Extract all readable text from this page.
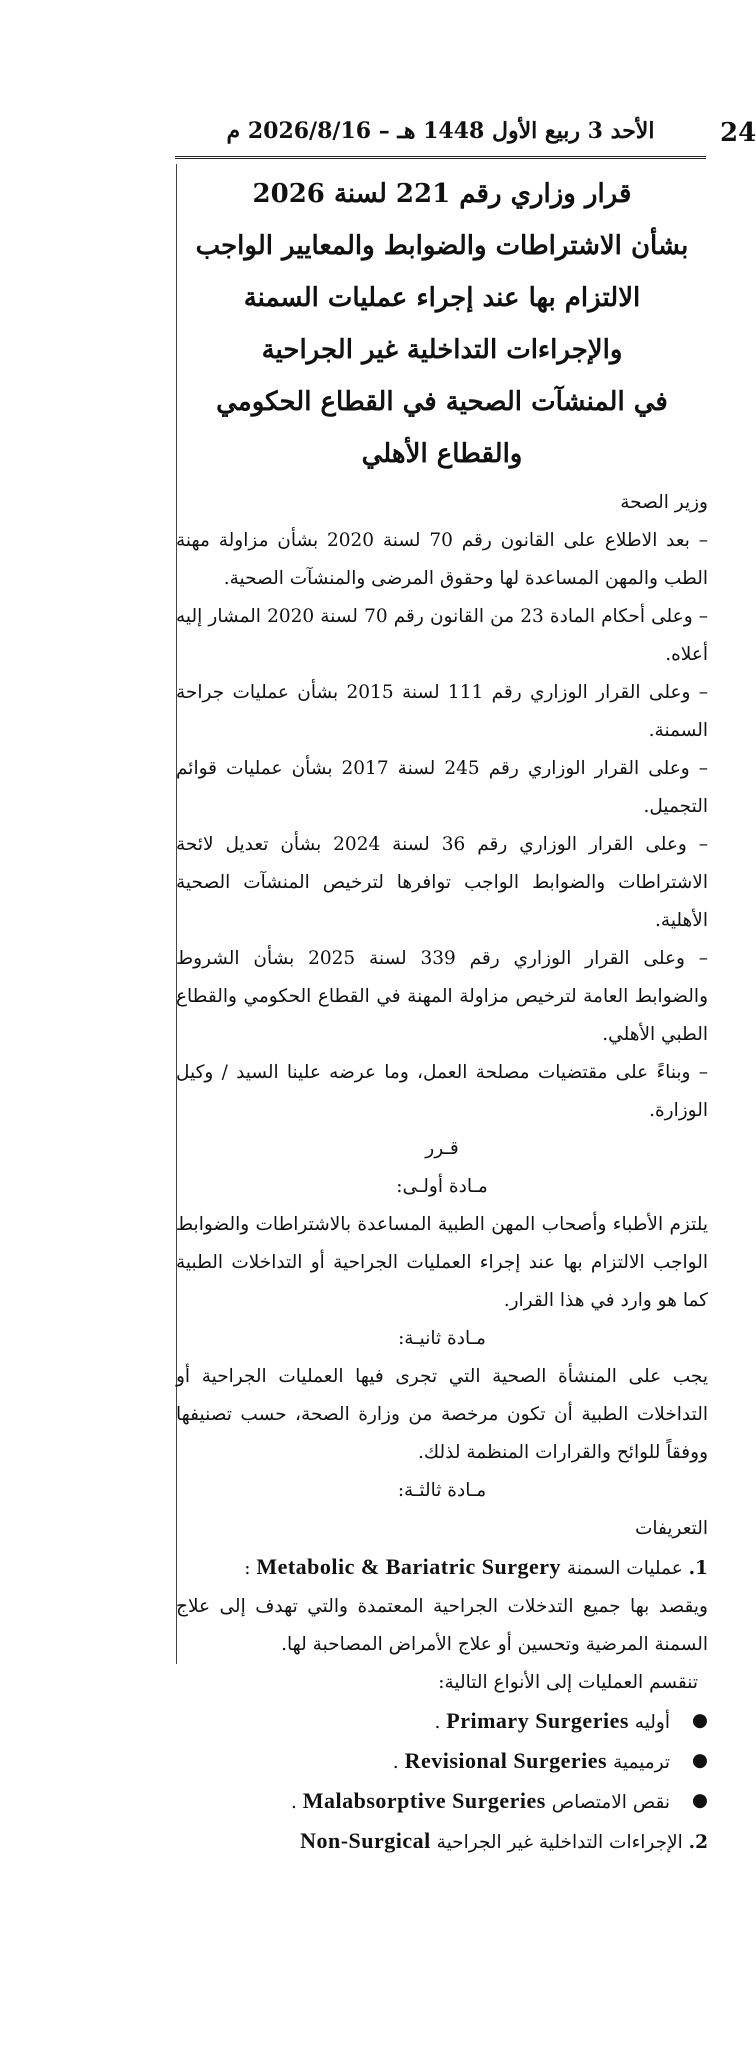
24
الأحد 3 ربيع الأول 1448 هـ – 2026/8/16 م

قرار وزاري رقم 221 لسنة 2026

بشأن الاشتراطات والضوابط والمعايير الواجب

الالتزام بها عند إجراء عمليات السمنة

والإجراءات التداخلية غير الجراحية

في المنشآت الصحية في القطاع الحكومي

والقطاع الأهلي

وزير الصحة

– بعد الاطلاع على القانون رقم 70 لسنة 2020 بشأن مزاولة مهنة الطب والمهن المساعدة لها وحقوق المرضى والمنشآت الصحية.

– وعلى أحكام المادة 23 من القانون رقم 70 لسنة 2020 المشار إليه أعلاه.

– وعلى القرار الوزاري رقم 111 لسنة 2015 بشأن عمليات جراحة السمنة.

– وعلى القرار الوزاري رقم 245 لسنة 2017 بشأن عمليات قوائم التجميل.

– وعلى القرار الوزاري رقم 36 لسنة 2024 بشأن تعديل لائحة الاشتراطات والضوابط الواجب توافرها لترخيص المنشآت الصحية الأهلية.

– وعلى القرار الوزاري رقم 339 لسنة 2025 بشأن الشروط والضوابط العامة لترخيص مزاولة المهنة في القطاع الحكومي والقطاع الطبي الأهلي.

– وبناءً على مقتضيات مصلحة العمل، وما عرضه علينا السيد / وكيل الوزارة.

قـرر

مـادة أولـى:

يلتزم الأطباء وأصحاب المهن الطبية المساعدة بالاشتراطات والضوابط الواجب الالتزام بها عند إجراء العمليات الجراحية أو التداخلات الطبية كما هو وارد في هذا القرار.

مـادة ثانيـة:

يجب على المنشأة الصحية التي تجرى فيها العمليات الجراحية أو التداخلات الطبية أن تكون مرخصة من وزارة الصحة، حسب تصنيفها ووفقاً للوائح والقرارات المنظمة لذلك.

مـادة ثالثـة:

التعريفات

1. عمليات السمنة Metabolic & Bariatric Surgery :

ويقصد بها جميع التدخلات الجراحية المعتمدة والتي تهدف إلى علاج السمنة المرضية وتحسين أو علاج الأمراض المصاحبة لها.

تنقسم العمليات إلى الأنواع التالية:

●
أوليه Primary Surgeries .

●
ترميمية Revisional Surgeries .

●
نقص الامتصاص Malabsorptive Surgeries .

2. الإجراءات التداخلية غير الجراحية Non-Surgical
